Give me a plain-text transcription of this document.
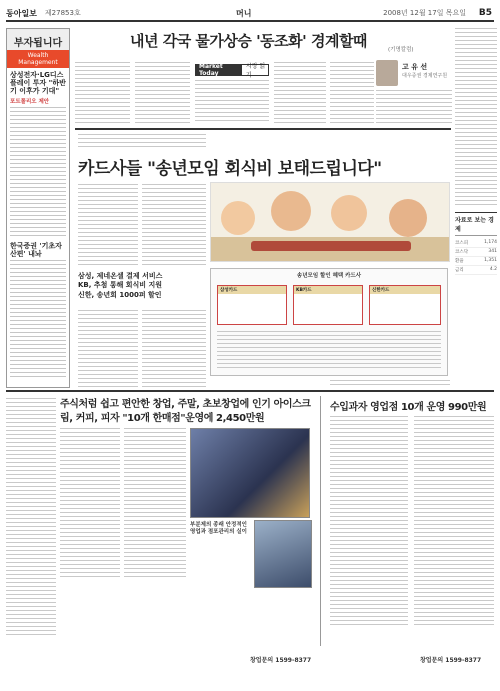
동아일보 제27853호	머니	2008년 12월 17일 목요일 B5
부자됩니다
Wealth Management
상성전자·LG디스플레이 투자 "하반기 이후가 기대"
포트폴리오 제안
한국증권 '기초자산편' 내놔
내년 각국 물가상승 '동조화' 경계할때	(기명칼럼)
고 유 선
대우증권 경제연구원
Market Today
시장 읽기
카드사들 "송년모임 회식비 보태드립니다"
삼성, 제네온셀 결제 서비스
KB, 추첨 통해 회식비 지원
신한, 송년회 1000퍼 할인
송년모임 할인 혜택 카드사
삼성카드	KB카드	신한카드
자료로 보는 경제
코스피	1,174
코스닥	341
환율	1,351
금리	4.2
주식처럼 쉽고 편안한 창업, 주말, 초보창업에 인기 아이스크림, 커피, 피자 "10개 한매점"운영에 2,450만원
수입과자 영업점 10개 운영 990만원
부분제의 종래 안정적인 영업과 점포관리의 실이
창업문의 1599-8377	창업문의 1599-8377
